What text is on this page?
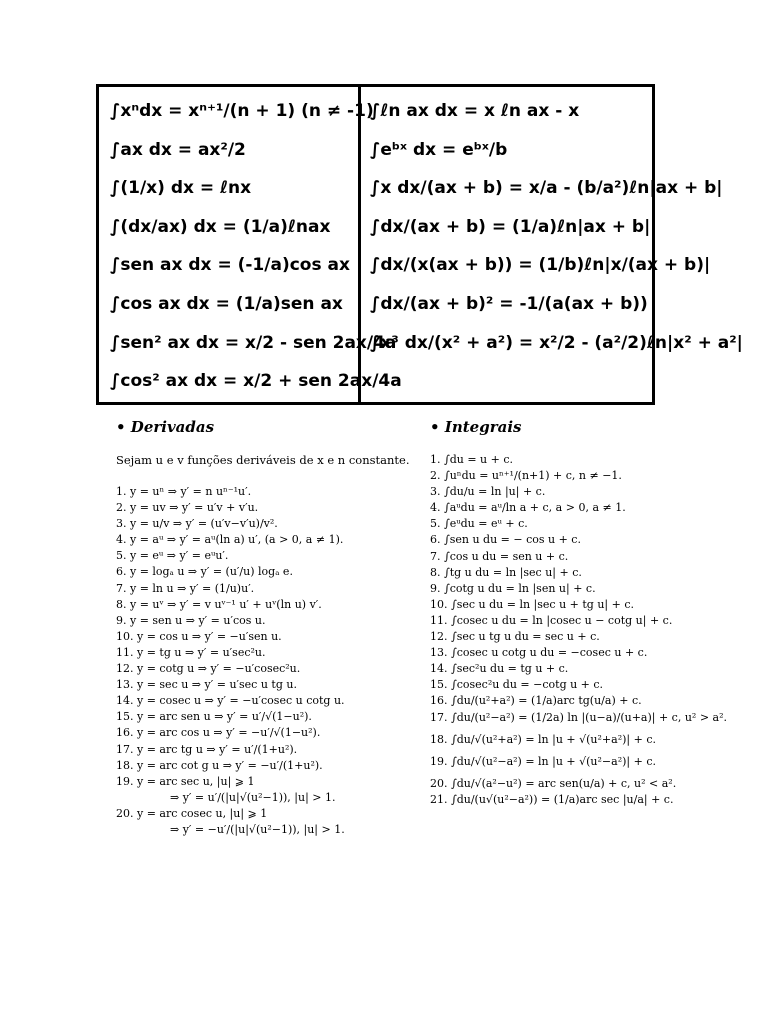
∫xⁿdx = xⁿ⁺¹/(n + 1) (n ≠ -1)
∫ax dx = ax²/2
∫(1/x) dx = ℓnx
∫(dx/ax) dx = (1/a)ℓnax
∫sen ax dx = (-1/a)cos ax
∫cos ax dx = (1/a)sen ax
∫sen² ax dx = x/2 - sen 2ax/4a
∫cos² ax dx = x/2 + sen 2ax/4a
∫ℓn ax dx = x ℓn ax - x
∫eᵇˣ dx = eᵇˣ/b
∫x dx/(ax + b) = x/a - (b/a²)ℓn|ax + b|
∫dx/(ax + b) = (1/a)ℓn|ax + b|
∫dx/(x(ax + b)) = (1/b)ℓn|x/(ax + b)|
∫dx/(ax + b)² = -1/(a(ax + b))
∫x³ dx/(x² + a²) = x²/2 - (a²/2)ℓn|x² + a²|
• Derivadas	• Integrais
Sejam u e v funções deriváveis de x e n constante.
1. y = uⁿ ⇒ y′ = n uⁿ⁻¹u′.
2. y = uv ⇒ y′ = u′v + v′u.
3. y = u/v ⇒ y′ = (u′v−v′u)/v².
4. y = aᵘ ⇒ y′ = aᵘ(ln a) u′, (a > 0, a ≠ 1).
5. y = eᵘ ⇒ y′ = eᵘu′.
6. y = logₐ u ⇒ y′ = (u′/u) logₐ e.
7. y = ln u ⇒ y′ = (1/u)u′.
8. y = uᵛ ⇒ y′ = v uᵛ⁻¹ u′ + uᵛ(ln u) v′.
9. y = sen u ⇒ y′ = u′cos u.
10. y = cos u ⇒ y′ = −u′sen u.
11. y = tg u ⇒ y′ = u′sec²u.
12. y = cotg u ⇒ y′ = −u′cosec²u.
13. y = sec u ⇒ y′ = u′sec u tg u.
14. y = cosec u ⇒ y′ = −u′cosec u cotg u.
15. y = arc sen u ⇒ y′ = u′/√(1−u²).
16. y = arc cos u ⇒ y′ = −u′/√(1−u²).
17. y = arc tg u ⇒ y′ = u′/(1+u²).
18. y = arc cot g u ⇒ y′ = −u′/(1+u²).
19. y = arc sec u, |u| ⩾ 1
⇒ y′ = u′/(|u|√(u²−1)), |u| > 1.
20. y = arc cosec u, |u| ⩾ 1
⇒ y′ = −u′/(|u|√(u²−1)), |u| > 1.
1. ∫du = u + c.
2. ∫uⁿdu = uⁿ⁺¹/(n+1) + c, n ≠ −1.
3. ∫du/u = ln |u| + c.
4. ∫aᵘdu = aᵘ/ln a + c, a > 0, a ≠ 1.
5. ∫eᵘdu = eᵘ + c.
6. ∫sen u du = − cos u + c.
7. ∫cos u du = sen u + c.
8. ∫tg u du = ln |sec u| + c.
9. ∫cotg u du = ln |sen u| + c.
10. ∫sec u du = ln |sec u + tg u| + c.
11. ∫cosec u du = ln |cosec u − cotg u| + c.
12. ∫sec u tg u du = sec u + c.
13. ∫cosec u cotg u du = −cosec u + c.
14. ∫sec²u du = tg u + c.
15. ∫cosec²u du = −cotg u + c.
16. ∫du/(u²+a²) = (1/a)arc tg(u/a) + c.
17. ∫du/(u²−a²) = (1/2a) ln |(u−a)/(u+a)| + c, u² > a².
18. ∫du/√(u²+a²) = ln |u + √(u²+a²)| + c.
19. ∫du/√(u²−a²) = ln |u + √(u²−a²)| + c.
20. ∫du/√(a²−u²) = arc sen(u/a) + c, u² < a².
21. ∫du/(u√(u²−a²)) = (1/a)arc sec |u/a| + c.
